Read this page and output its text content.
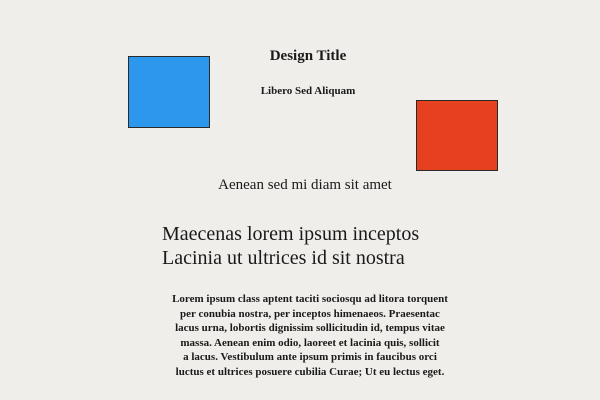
Design Title
Libero Sed Aliquam
Aenean sed mi diam sit amet
Maecenas lorem ipsum inceptos
Lacinia ut ultrices id sit nostra
Lorem ipsum class aptent taciti sociosqu ad litora torquent
per conubia nostra, per inceptos himenaeos. Praesentac
lacus urna, lobortis dignissim sollicitudin id, tempus vitae
massa. Aenean enim odio, laoreet et lacinia quis, sollicit
a lacus. Vestibulum ante ipsum primis in faucibus orci
luctus et ultrices posuere cubilia Curae; Ut eu lectus eget.
